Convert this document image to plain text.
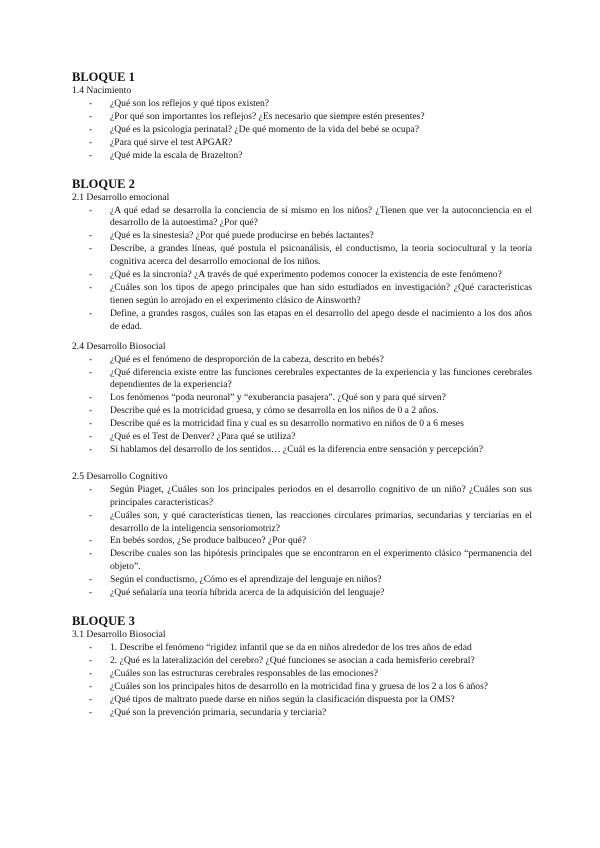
BLOQUE 1
1.4 Nacimiento
- ¿Qué son los reflejos y qué tipos existen?
- ¿Por qué son importantes los reflejos? ¿Es necesario que siempre estén presentes?
- ¿Qué es la psicología perinatal? ¿De qué momento de la vida del bebé se ocupa?
- ¿Para qué sirve el test APGAR?
- ¿Qué mide la escala de Brazelton?
BLOQUE 2
2.1 Desarrollo emocional
- ¿A qué edad se desarrolla la conciencia de sí mismo en los niños? ¿Tienen que ver la autoconciencia en el desarrollo de la autoestima? ¿Por qué?
- ¿Qué es la sinestesia? ¿Por qué puede producirse en bebés lactantes?
- Describe, a grandes líneas, qué postula el psicoanálisis, el conductismo, la teoría sociocultural y la teoría cognitiva acerca del desarrollo emocional de los niños.
- ¿Qué es la sincronía? ¿A través de qué experimento podemos conocer la existencia de este fenómeno?
- ¿Cuáles son los tipos de apego principales que han sido estudiados en investigación? ¿Qué características tienen según lo arrojado en el experimento clásico de Ainsworth?
- Define, a grandes rasgos, cuáles son las etapas en el desarrollo del apego desde el nacimiento a los dos años de edad.
2.4 Desarrollo Biosocial
- ¿Qué es el fenómeno de desproporción de la cabeza, descrito en bebés?
- ¿Qué diferencia existe entre las funciones cerebrales expectantes de la experiencia y las funciones cerebrales dependientes de la experiencia?
- Los fenómenos “poda neuronal” y “exuberancia pasajera”. ¿Qué son y para qué sirven?
- Describe qué es la motricidad gruesa, y cómo se desarrolla en los niños de 0 a 2 años.
- Describe qué es la motricidad fina y cual es su desarrollo normativo en niños de 0 a 6 meses
- ¿Qué es el Test de Denver? ¿Para qué se utiliza?
- Si hablamos del desarrollo de los sentidos… ¿Cuál es la diferencia entre sensación y percepción?
2.5 Desarrollo Cognitivo
- Según Piaget, ¿Cuáles son los principales periodos en el desarrollo cognitivo de un niño? ¿Cuáles son sus principales características?
- ¿Cuáles son, y qué características tienen, las reacciones circulares primarias, secundarias y terciarias en el desarrollo de la inteligencia sensoriomotriz?
- En bebés sordos, ¿Se produce balbuceo? ¿Por qué?
- Describe cuales son las hipótesis principales que se encontraron en el experimento clásico “permanencia del objeto”.
- Según el conductismo, ¿Cómo es el aprendizaje del lenguaje en niños?
- ¿Qué señalaría una teoría híbrida acerca de la adquisición del lenguaje?
BLOQUE 3
3.1 Desarrollo Biosocial
- 1. Describe el fenómeno “rigidez infantil que se da en niños alrededor de los tres años de edad
- 2. ¿Qué es la lateralización del cerebro? ¿Qué funciones se asocian a cada hemisferio cerebral?
- ¿Cuáles son las estructuras cerebrales responsables de las emociones?
- ¿Cuáles son los principales hitos de desarrollo en la motricidad fina y gruesa de los 2 a los 6 años?
- ¿Qué tipos de maltrato puede darse en niños según la clasificación dispuesta por la OMS?
- ¿Qué son la prevención primaria, secundaria y terciaria?
